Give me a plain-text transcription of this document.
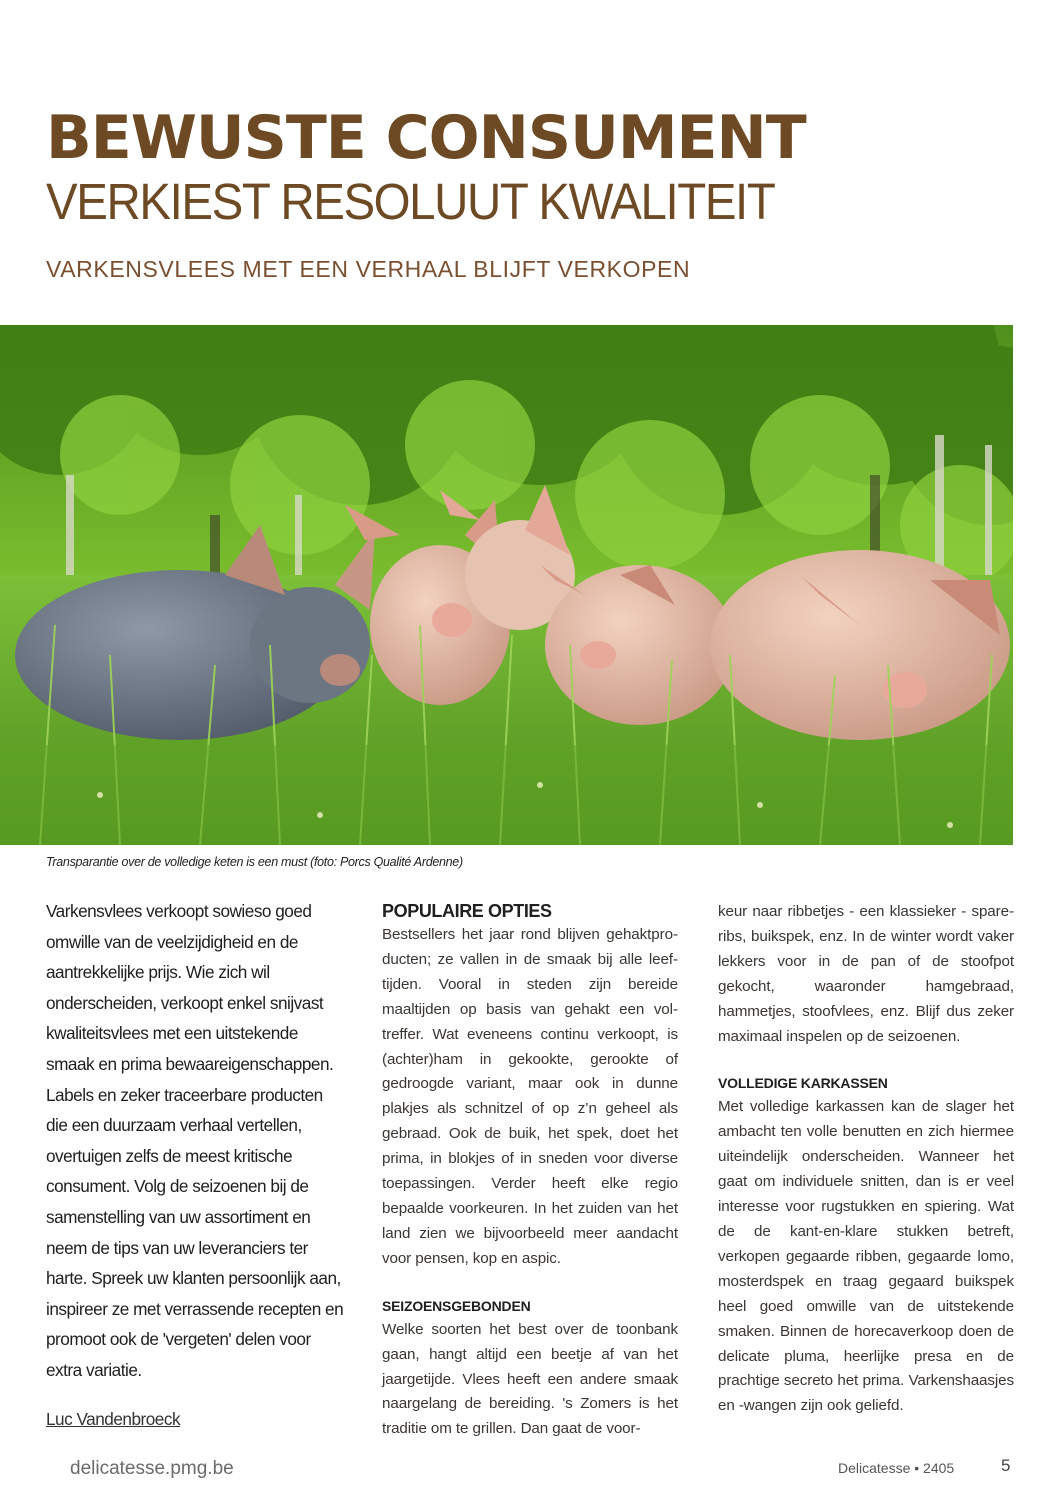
BEWUSTE CONSUMENT
VERKIEST RESOLUUT KWALITEIT
VARKENSVLEES MET EEN VERHAAL BLIJFT VERKOPEN
Transparantie over de volledige keten is een must (foto: Porcs Qualité Ardenne)

Varkensvlees verkoopt sowieso goed omwille van de veelzijdigheid en de aantrekkelijke prijs. Wie zich wil onderscheiden, verkoopt enkel snijvast kwaliteitsvlees met een uitstekende smaak en prima bewaareigenschappen. Labels en zeker traceerbare producten die een duurzaam verhaal vertellen, overtuigen zelfs de meest kritische consument. Volg de seizoenen bij de samenstelling van uw assortiment en neem de tips van uw leveranciers ter harte. Spreek uw klanten persoonlijk aan, inspireer ze met verrassende recepten en promoot ook de 'vergeten' delen voor extra variatie.

Luc Vandenbroeck
POPULAIRE OPTIES

Bestsellers het jaar rond blijven gehaktproducten; ze vallen in de smaak bij alle leeftijden. Vooral in steden zijn bereide maaltijden op basis van gehakt een voltreffer. Wat eveneens continu verkoopt, is (achter)ham in gekookte, gerookte of gedroogde variant, maar ook in dunne plakjes als schnitzel of op z’n geheel als gebraad. Ook de buik, het spek, doet het prima, in blokjes of in sneden voor diverse toepassingen. Verder heeft elke regio bepaalde voorkeuren. In het zuiden van het land zien we bijvoorbeeld meer aandacht voor pensen, kop en aspic.

SEIZOENSGEBONDEN

Welke soorten het best over de toonbank gaan, hangt altijd een beetje af van het jaargetijde. Vlees heeft een andere smaak naargelang de bereiding. 's Zomers is het traditie om te grillen. Dan gaat de voor-

keur naar ribbetjes - een klassieker - spareribs, buikspek, enz. In de winter wordt vaker lekkers voor in de pan of de stoofpot gekocht, waaronder hamgebraad, hammetjes, stoofvlees, enz. Blijf dus zeker maximaal inspelen op de seizoenen.

VOLLEDIGE KARKASSEN

Met volledige karkassen kan de slager het ambacht ten volle benutten en zich hiermee uiteindelijk onderscheiden. Wanneer het gaat om individuele snitten, dan is er veel interesse voor rugstukken en spiering. Wat de de kant-en-klare stukken betreft, verkopen gegaarde ribben, gegaarde lomo, mosterdspek en traag gegaard buikspek heel goed omwille van de uitstekende smaken. Binnen de horecaverkoop doen de delicate pluma, heerlijke presa en de prachtige secreto het prima. Varkenshaasjes en -wangen zijn ook geliefd.

delicatesse.pmg.be	Delicatesse • 2405	5
